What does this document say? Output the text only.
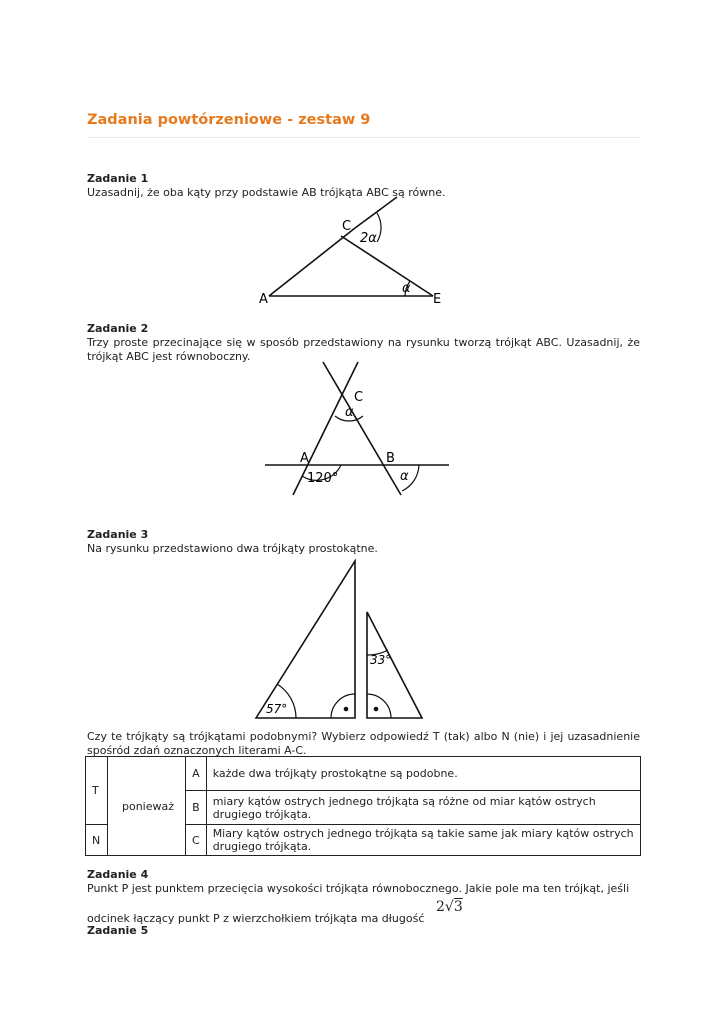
Zadania powtórzeniowe - zestaw 9
Zadanie 1
Uzasadnij, że oba kąty przy podstawie AB trójkąta ABC są równe.
A
C
2α
E
α
Zadanie 2
Trzy proste przecinające się w sposób przedstawiony na rysunku tworzą trójkąt ABC. Uzasadnij, że trójkąt ABC jest równoboczny.
C
α
A	B
α
120°
Zadanie 3
Na rysunku przedstawiono dwa trójkąty prostokątne.
57°
33°
Czy te trójkąty są trójkątami podobnymi? Wybierz odpowiedź T (tak) albo N (nie) i jej uzasadnienie spośród zdań oznaczonych literami A-C.
T	ponieważ	A	każde dwa trójkąty prostokątne są podobne.
		B	miary kątów ostrych jednego trójkąta są różne od miar kątów ostrych drugiego trójkąta.
N		C	Miary kątów ostrych jednego trójkąta są takie same jak miary kątów ostrych drugiego trójkąta.
Zadanie 4
Punkt P jest punktem przecięcia wysokości trójkąta równobocznego. Jakie pole ma ten trójkąt, jeśli
odcinek łączący punkt P z wierzchołkiem trójkąta ma długość
2√3
Zadanie 5
